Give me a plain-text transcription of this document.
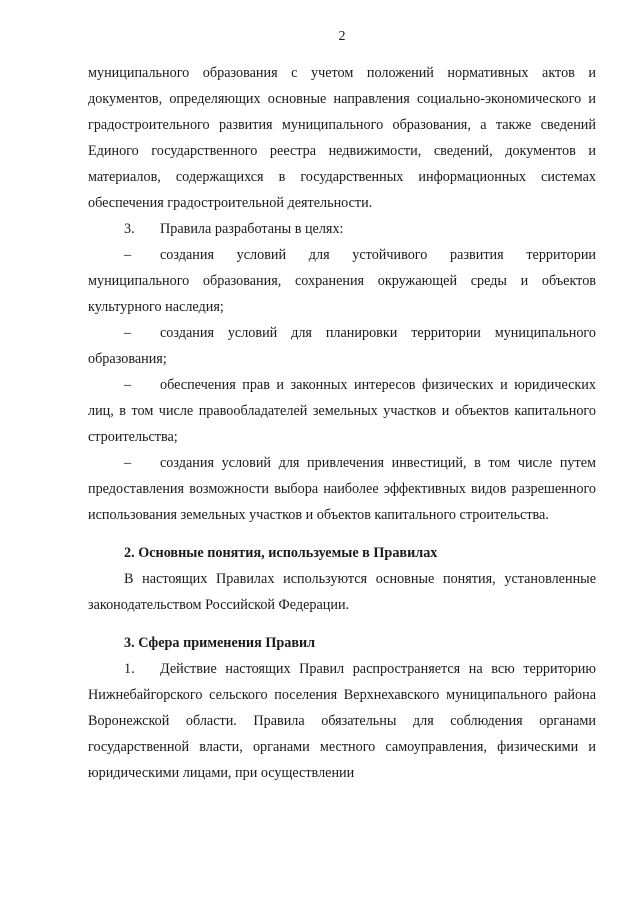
2

муниципального образования с учетом положений нормативных актов и документов, определяющих основные направления социально-экономического и градостроительного развития муниципального образования, а также сведений Единого государственного реестра недвижимости, сведений, документов и материалов, содержащихся в государственных информационных системах обеспечения градостроительной деятельности.

3. Правила разработаны в целях:

– создания условий для устойчивого развития территории муниципального образования, сохранения окружающей среды и объектов культурного наследия;

– создания условий для планировки территории муниципального образования;

– обеспечения прав и законных интересов физических и юридических лиц, в том числе правообладателей земельных участков и объектов капитального строительства;

– создания условий для привлечения инвестиций, в том числе путем предоставления возможности выбора наиболее эффективных видов разрешенного использования земельных участков и объектов капитального строительства.

2. Основные понятия, используемые в Правилах

В настоящих Правилах используются основные понятия, установленные законодательством Российской Федерации.

3. Сфера применения Правил

1. Действие настоящих Правил распространяется на всю территорию Нижнебайгорского сельского поселения Верхнехавского муниципального района Воронежской области. Правила обязательны для соблюдения органами государственной власти, органами местного самоуправления, физическими и юридическими лицами, при осуществлении
